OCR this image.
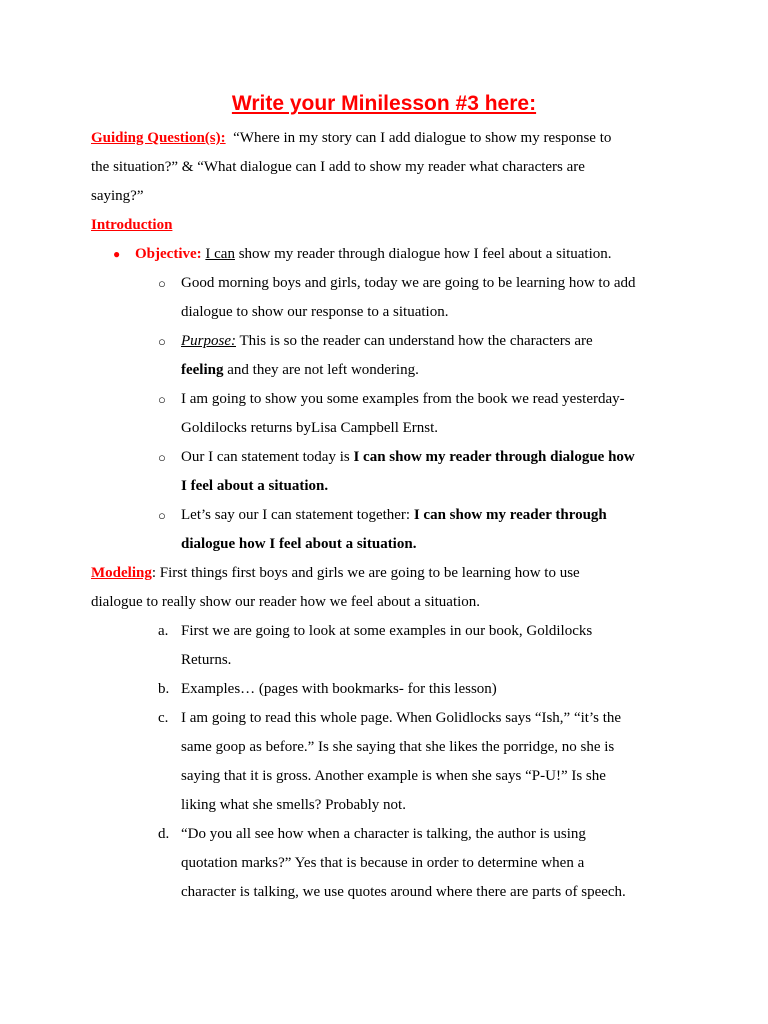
Write your Minilesson #3 here:

Guiding Question(s): “Where in my story can I add dialogue to show my response to

the situation?” & “What dialogue can I add to show my reader what characters are

saying?”

Introduction

● Objective: I can show my reader through dialogue how I feel about a situation.

○ Good morning boys and girls, today we are going to be learning how to add

dialogue to show our response to a situation.

○ Purpose: This is so the reader can understand how the characters are

feeling and they are not left wondering.

○ I am going to show you some examples from the book we read yesterday-

Goldilocks returns byLisa Campbell Ernst.

○ Our I can statement today is I can show my reader through dialogue how

I feel about a situation.

○ Let’s say our I can statement together: I can show my reader through

dialogue how I feel about a situation.

Modeling: First things first boys and girls we are going to be learning how to use

dialogue to really show our reader how we feel about a situation.

a. First we are going to look at some examples in our book, Goldilocks

Returns.

b. Examples… (pages with bookmarks- for this lesson)

c. I am going to read this whole page. When Golidlocks says “Ish,” “it’s the

same goop as before.” Is she saying that she likes the porridge, no she is

saying that it is gross. Another example is when she says “P-U!” Is she

liking what she smells? Probably not.

d. “Do you all see how when a character is talking, the author is using

quotation marks?” Yes that is because in order to determine when a

character is talking, we use quotes around where there are parts of speech.
